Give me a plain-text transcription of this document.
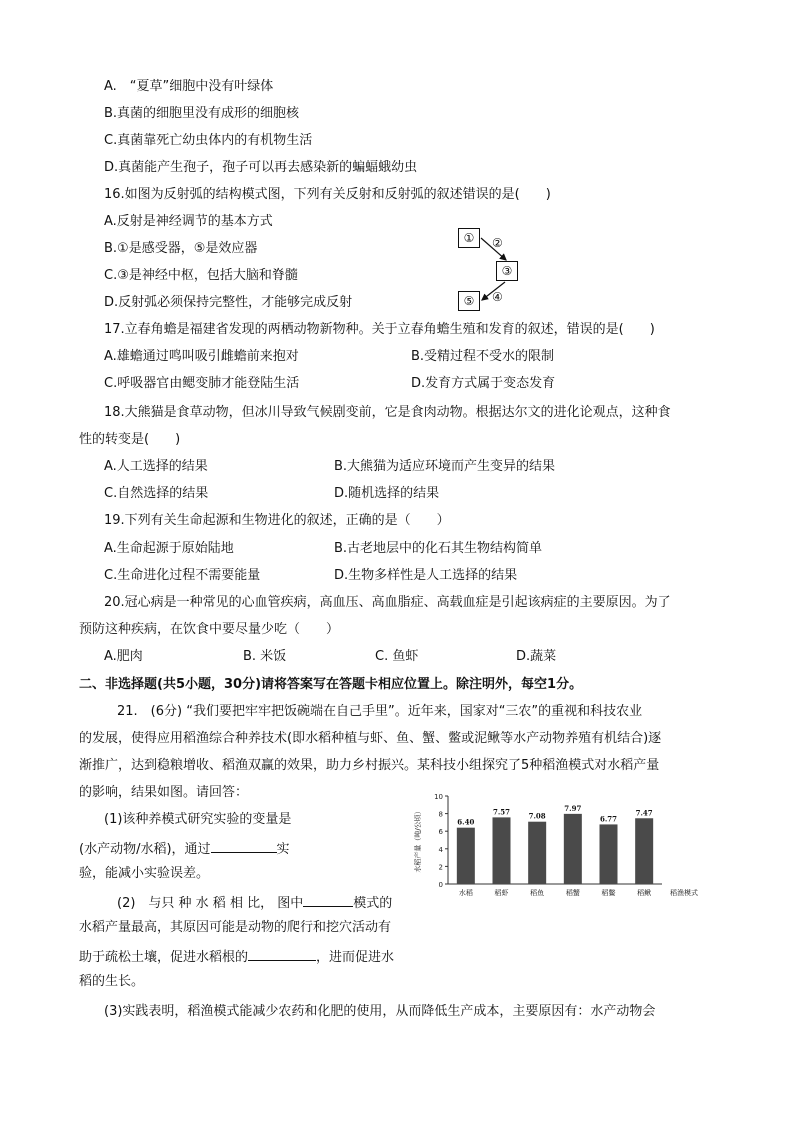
A.　“夏草”细胞中没有叶绿体
B.真菌的细胞里没有成形的细胞核
C.真菌靠死亡幼虫体内的有机物生活
D.真菌能产生孢子，孢子可以再去感染新的蝙蝠蛾幼虫
16.如图为反射弧的结构模式图，下列有关反射和反射弧的叙述错误的是(　　)
A.反射是神经调节的基本方式
B.①是感受器，⑤是效应器
C.③是神经中枢，包括大脑和脊髓
D.反射弧必须保持完整性，才能够完成反射
①
③
⑤
②
④
17.立春角蟾是福建省发现的两栖动物新物种。关于立春角蟾生殖和发育的叙述，错误的是(　　)
A.雄蟾通过鸣叫吸引雌蟾前来抱对	B.受精过程不受水的限制
C.呼吸器官由鳃变肺才能登陆生活	D.发育方式属于变态发育
18.大熊猫是食草动物，但冰川导致气候剧变前，它是食肉动物。根据达尔文的进化论观点，这种食
性的转变是(　　)
A.人工选择的结果	B.大熊猫为适应环境而产生变异的结果
C.自然选择的结果	D.随机选择的结果
19.下列有关生命起源和生物进化的叙述，正确的是（　　）
A.生命起源于原始陆地	B.古老地层中的化石其生物结构简单
C.生命进化过程不需要能量	D.生物多样性是人工选择的结果
20.冠心病是一种常见的心血管疾病，高血压、高血脂症、高载血症是引起该病症的主要原因。为了
预防这种疾病，在饮食中要尽量少吃（　　）
A.肥肉	B. 米饭	C. 鱼虾	D.蔬菜
二、非选择题(共5小题，30分)请将答案写在答题卡相应位置上。除注明外，每空1分。
21.　(6分) “我们要把牢牢把饭碗端在自己手里”。近年来，国家对“三农”的重视和科技农业
的发展，使得应用稻渔综合种养技术(即水稻种植与虾、鱼、蟹、鳖或泥鳅等水产动物养殖有机结合)逐
渐推广，达到稳粮增收、稻渔双赢的效果，助力乡村振兴。某科技小组探究了5种稻渔模式对水稻产量
的影响，结果如图。请回答：
(1)该种养模式研究实验的变量是
(水产动物/水稻)，通过	实
验，能减小实验误差。
(2)　与只 种 水 稻 相 比， 图中	模式的
水稻产量最高，其原因可能是动物的爬行和挖穴活动有
助于疏松土壤，促进水稻根的	，进而促进水
稻的生长。
(3)实践表明，稻渔模式能减少农药和化肥的使用，从而降低生产成本，主要原因有：水产动物会
0
2
4
6
8
10
6.40
水稻
7.57
稻虾
7.08
稻鱼
7.97
稻蟹
6.77
稻鳖
7.47
稻鳅	稻渔模式
水稻产量（吨/公顷）
